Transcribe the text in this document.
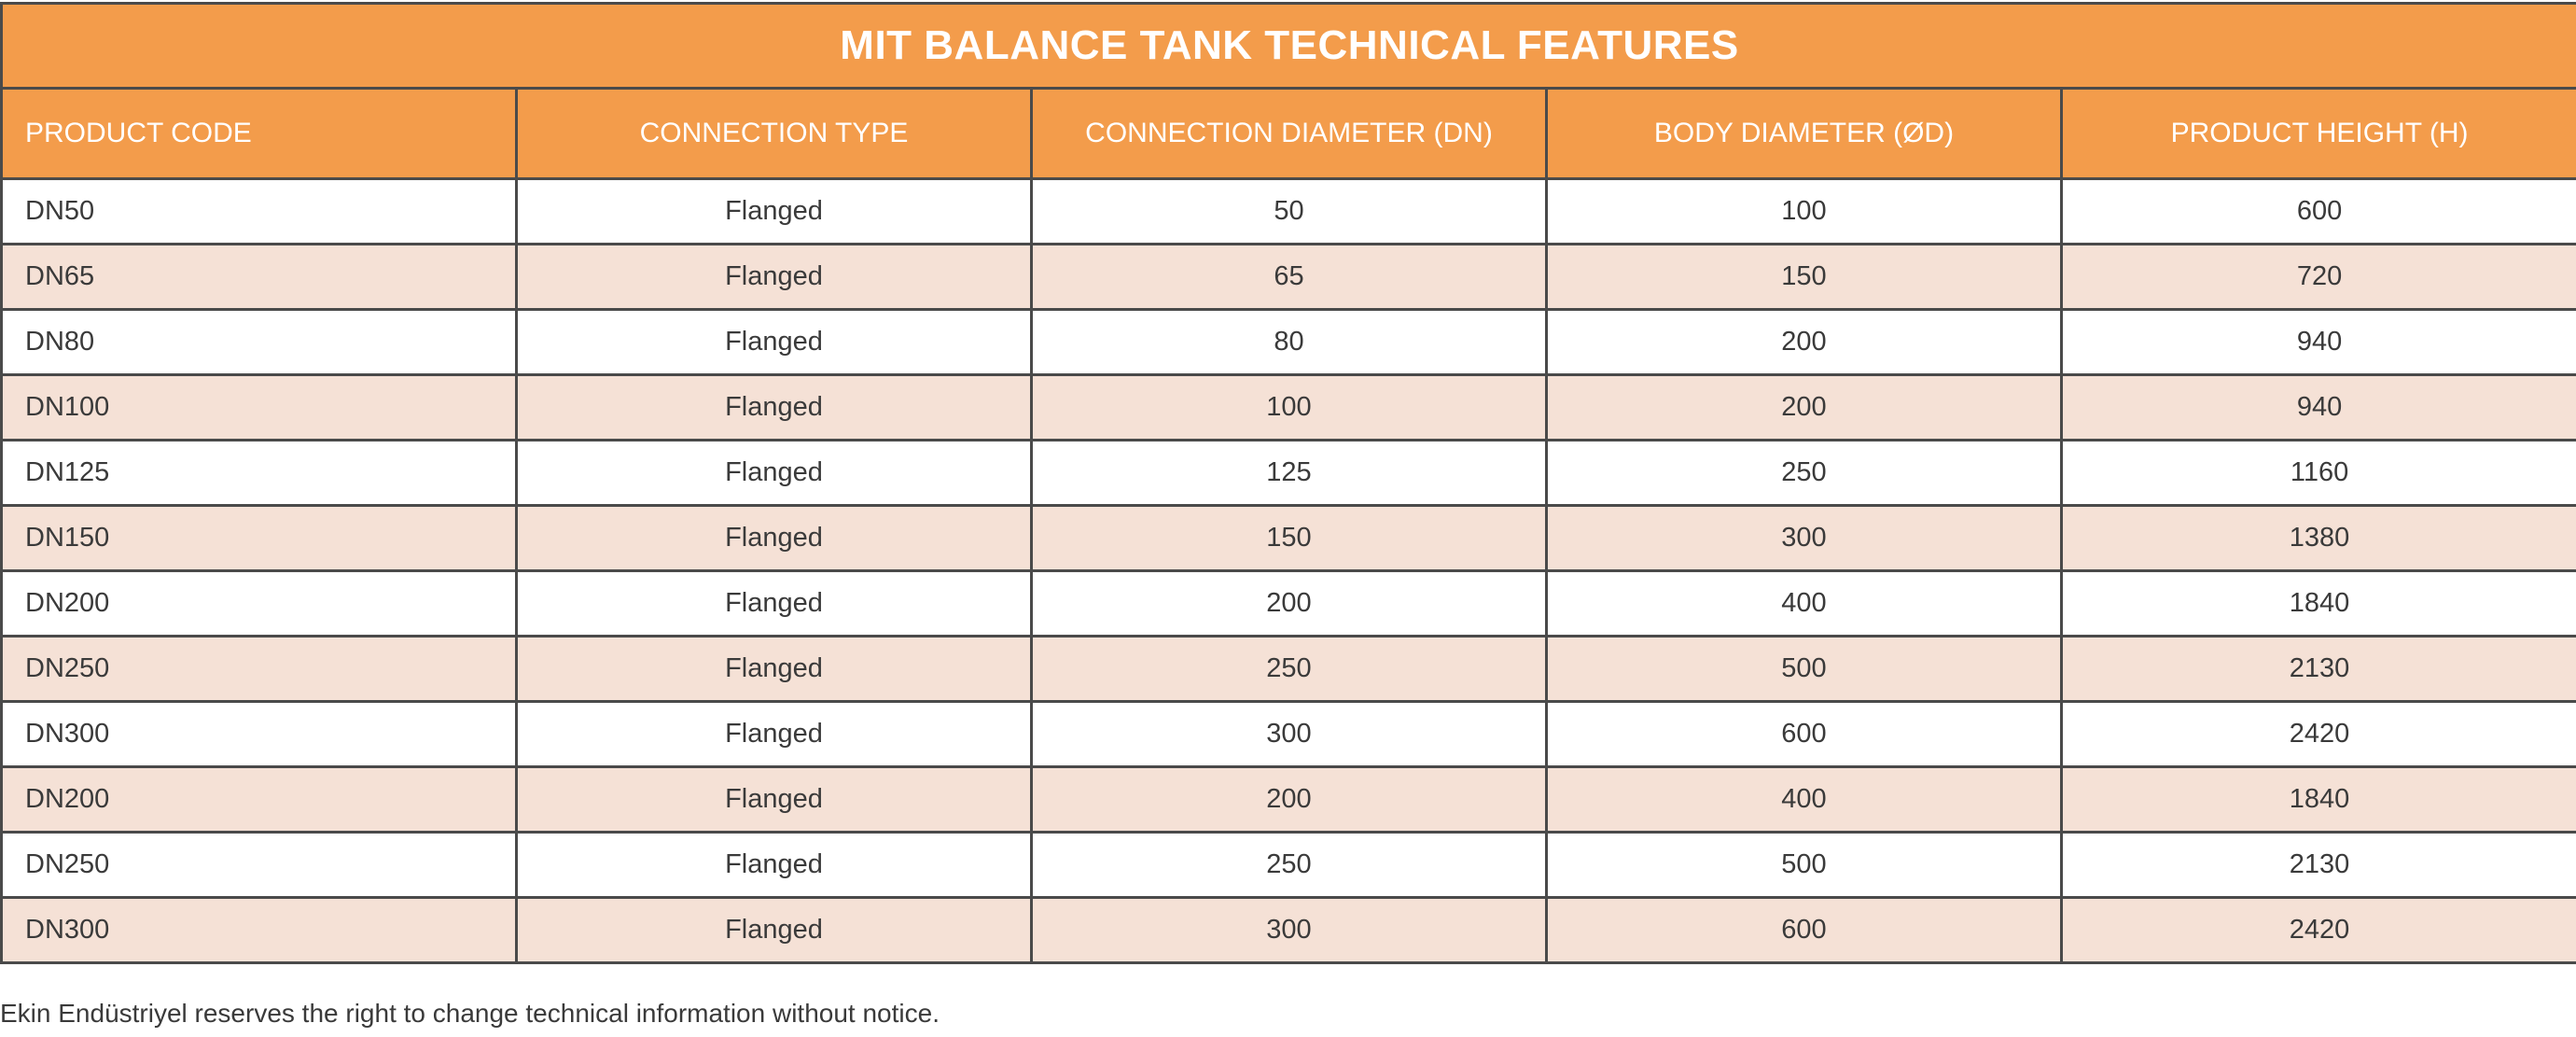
MIT BALANCE TANK TECHNICAL FEATURES				
PRODUCT CODE	CONNECTION TYPE	CONNECTION DIAMETER (DN)	BODY DIAMETER (ØD)	PRODUCT HEIGHT (H)
DN50	Flanged	50	100	600
DN65	Flanged	65	150	720
DN80	Flanged	80	200	940
DN100	Flanged	100	200	940
DN125	Flanged	125	250	1160
DN150	Flanged	150	300	1380
DN200	Flanged	200	400	1840
DN250	Flanged	250	500	2130
DN300	Flanged	300	600	2420
DN200	Flanged	200	400	1840
DN250	Flanged	250	500	2130
DN300	Flanged	300	600	2420
Ekin Endüstriyel reserves the right to change technical information without notice.
